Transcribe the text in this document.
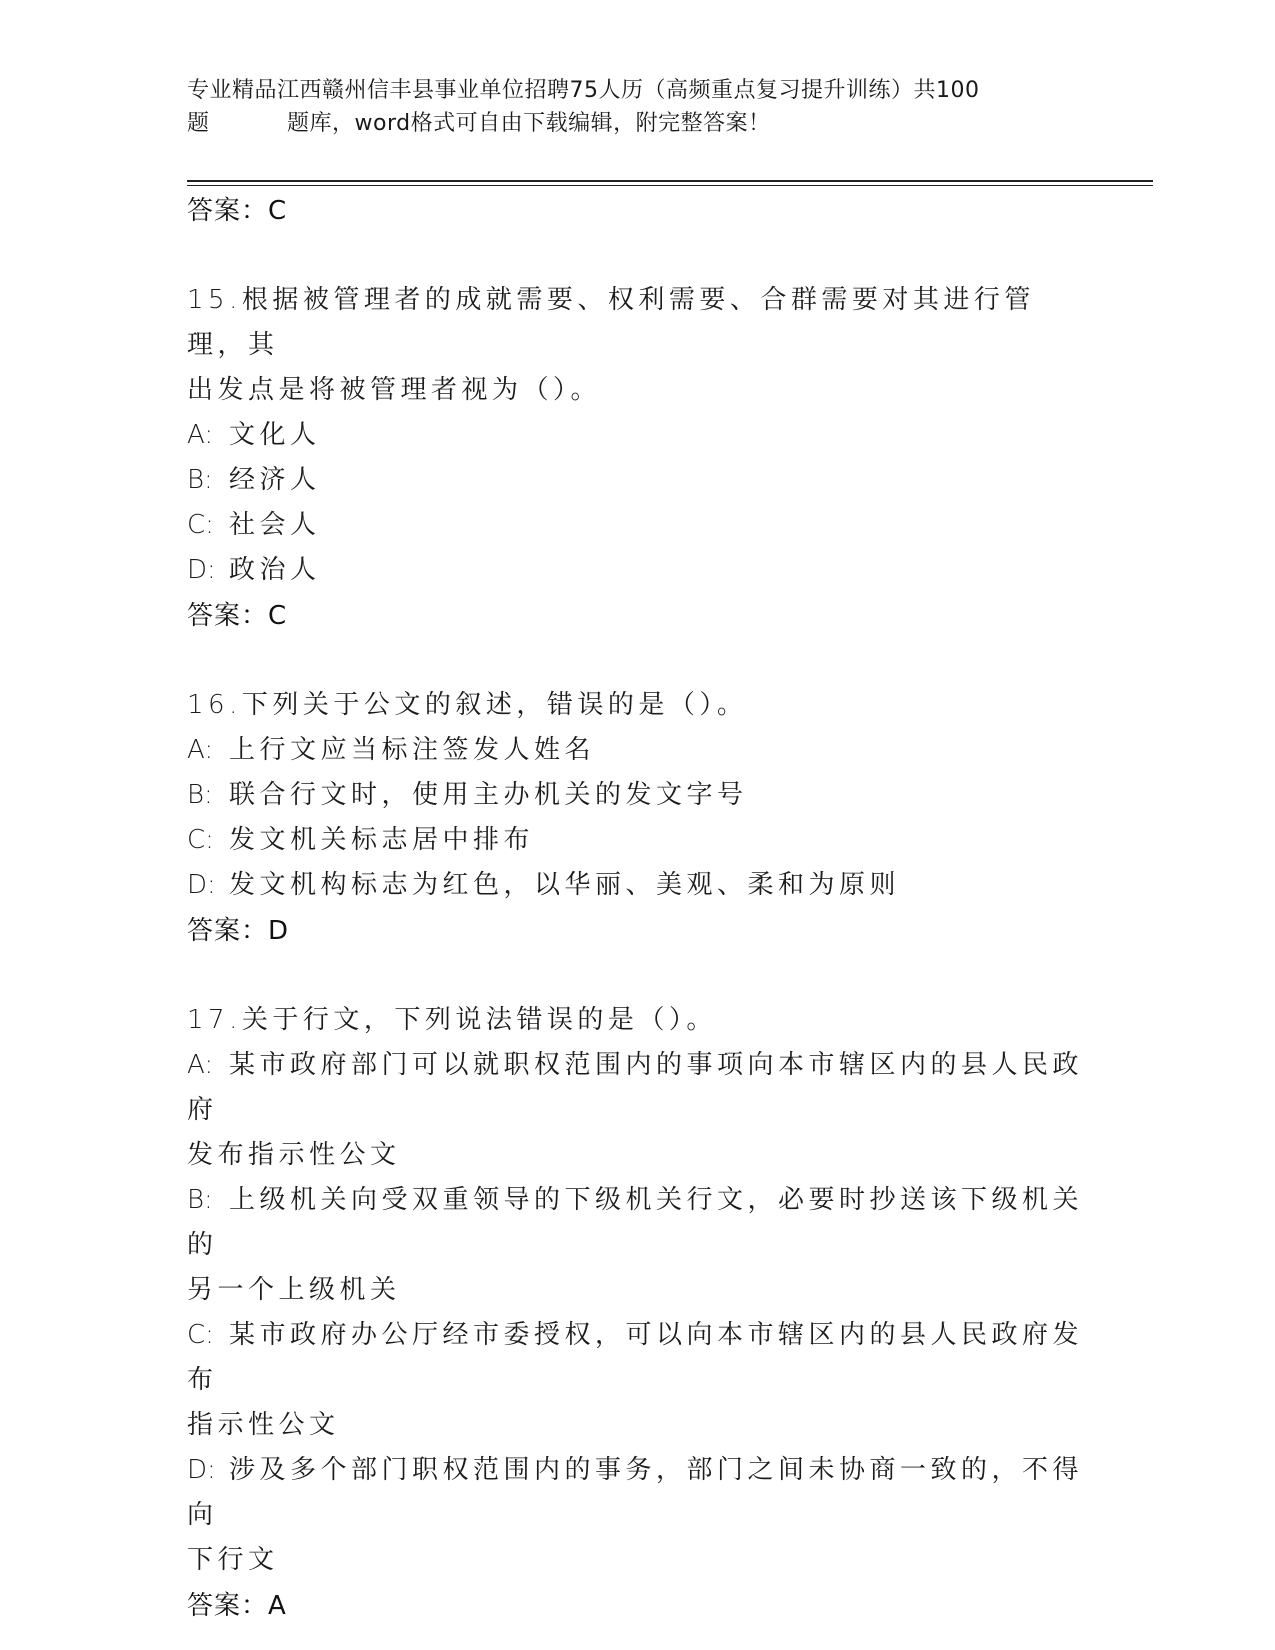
专业精品江西赣州信丰县事业单位招聘75人历（高频重点复习提升训练）共100
题	题库，word格式可自由下载编辑，附完整答案！

答案：C

15.根据被管理者的成就需要、权利需要、合群需要对其进行管理，其

出发点是将被管理者视为（）。

A: 文化人

B: 经济人

C: 社会人

D: 政治人

答案：C

16.下列关于公文的叙述，错误的是（）。

A: 上行文应当标注签发人姓名

B: 联合行文时，使用主办机关的发文字号

C: 发文机关标志居中排布

D: 发文机构标志为红色，以华丽、美观、柔和为原则

答案：D

17.关于行文，下列说法错误的是（）。

A: 某市政府部门可以就职权范围内的事项向本市辖区内的县人民政府

发布指示性公文

B: 上级机关向受双重领导的下级机关行文，必要时抄送该下级机关的

另一个上级机关

C: 某市政府办公厅经市委授权，可以向本市辖区内的县人民政府发布

指示性公文

D: 涉及多个部门职权范围内的事务，部门之间未协商一致的，不得向

下行文

答案：A
